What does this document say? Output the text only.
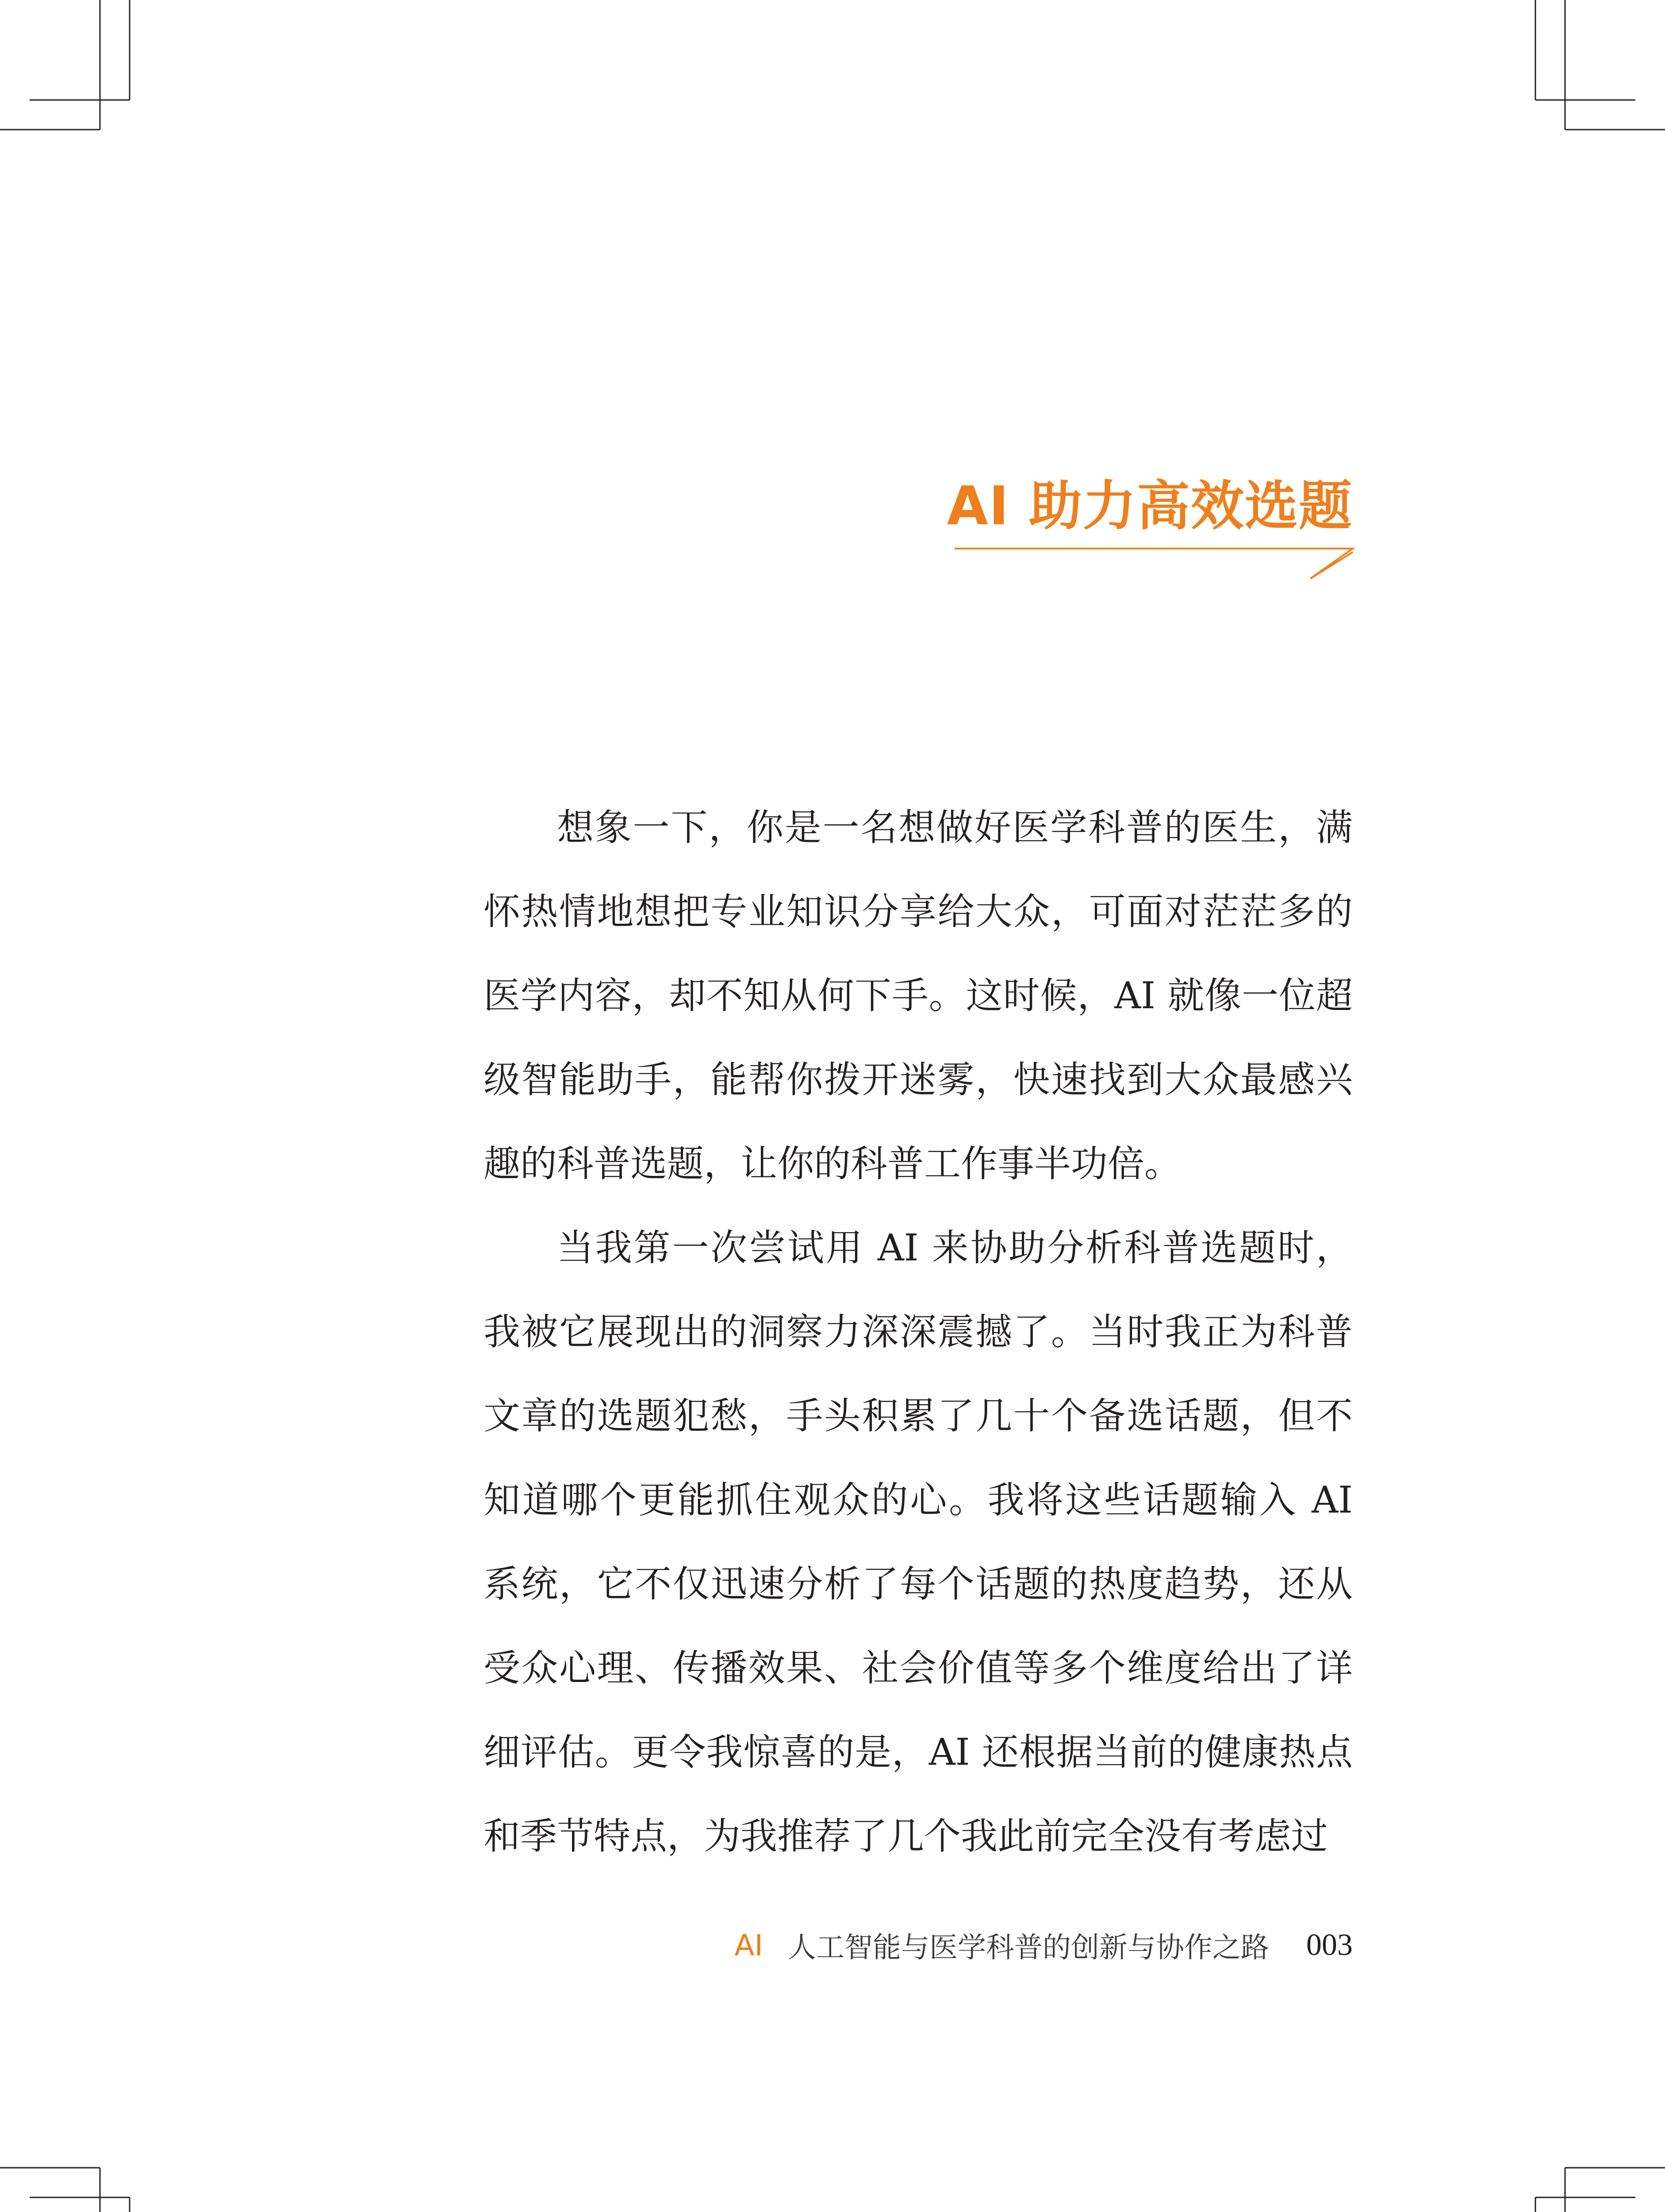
AI 助力高效选题

想象一下，你是一名想做好医学科普的医生，满怀热情地想把专业知识分享给大众，可面对茫茫多的医学内容，却不知从何下手。这时候，AI 就像一位超级智能助手，能帮你拨开迷雾，快速找到大众最感兴趣的科普选题，让你的科普工作事半功倍。

当我第一次尝试用 AI 来协助分析科普选题时，我被它展现出的洞察力深深震撼了。当时我正为科普文章的选题犯愁，手头积累了几十个备选话题，但不知道哪个更能抓住观众的心。我将这些话题输入 AI 系统，它不仅迅速分析了每个话题的热度趋势，还从受众心理、传播效果、社会价值等多个维度给出了详细评估。更令我惊喜的是，AI 还根据当前的健康热点和季节特点，为我推荐了几个我此前完全没有考虑过

AI 人工智能与医学科普的创新与协作之路 003
